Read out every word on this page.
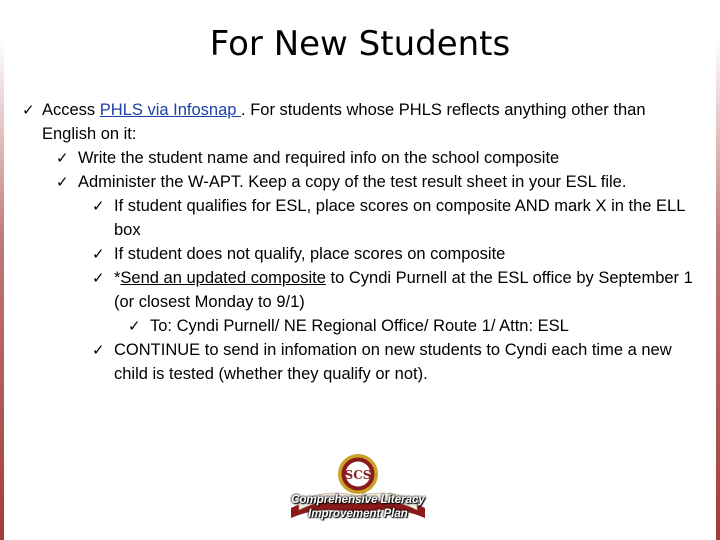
For New Students
✓ Access PHLS via Infosnap . For students whose PHLS reflects anything other than English on it:
✓ Write the student name and required info on the school composite
✓ Administer the W-APT. Keep a copy of the test result sheet in your ESL file.
✓ If student qualifies for ESL, place scores on composite AND mark X in the ELL box
✓ If student does not qualify, place scores on composite
✓ *Send an updated composite to Cyndi Purnell at the ESL office by September 1 (or closest Monday to 9/1)
✓ To: Cyndi Purnell/ NE Regional Office/ Route 1/ Attn: ESL
✓ CONTINUE to send in infomation on new students to Cyndi each time a new child is tested (whether they qualify or not).
SCS
Comprehensive Literacy
Improvement Plan
